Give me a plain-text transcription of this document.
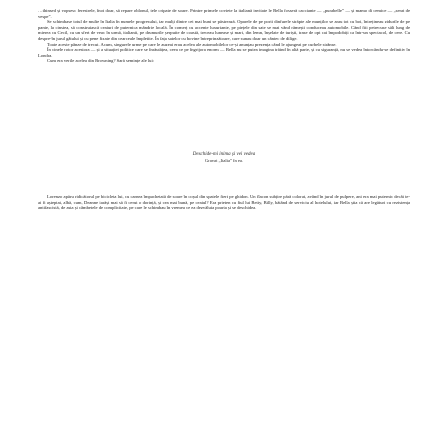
…thinsed și vopsesc ferestrele, înot doar, să repare oblonul, tele cripate de soare. Printre primele coviete la italiană invitate le Bella fosseră cacciante — „purabelle” — și mamo di cemice — „serat de vespe”.

Se schimbase totul de multe în Italia în numele progresului, iar mulți dintre cei mai buni se păstrează. Oparele de pe porii dinfurele străpte ale munților se arau tot cu boi, întrețineau zidurile de pe pante, la cinstea, să construiască ceaiuri de puternica mândrie locală. În comerț cu accente luxuriante, pe piețele din sate se mai vând rămești conduceau automobile. Când fiii petrecuse săli lung de mierea cu Cecil, cu un sfert de veac în urmă, italianii, pe drumurile șerpuite de coastă, treceau lunease și mari, din lemn, înșelate de turiști, trase de opt cai împodobiți ca într-un spectacol, de cere. Cu despre-în jurul gâtului și cu pene fixate din cearceale împletite. În fața satelor cu bovine întreprinzătoare, care sunau doar un cântec de dilige.

Toate aceste pânze de trecut. Acum, singurele urme pe care le auzeai erau acelea ale automobilelor ce-și anunțau prezența când le ajungeai pe curbele strânse.

În cinele rotor acestora — și a situației politice care se înrăutățea, ceea ce pe îngrijora enorm — Bella nu se putea imagina trăind în altă parte, și cu siguranță, nu se vedea întorcându-se definitiv în Londra.

Cum era verile acelea din Browning? Sară semințe ale lui:

Deschide-mi inima și vei vedea
Gravat „Italia” în ea.

Lorenzo apăru ridicătorul pe bicicleta lui, cu carnea împachetată de soare în coșul din spatele fiert pe ghidon. Un flacon subțire pără colorat, având în jurul de pulpere, ani era mai puternic decât te-ai fi așteptat, albă, cum, Deanne iarăși mai să fi cerut o dorință, și cea mai bună, pe ceaiul? Era prieten cu fiul lui Betty, Billy, bătând de serviciu al hotelului, iar Bella știa că are legături cu rezistența antifascistă, de asta și câmbetele de complicitate, pe care le schimbau în vremea ce ea dezvăluia poarta și se deschidea.
